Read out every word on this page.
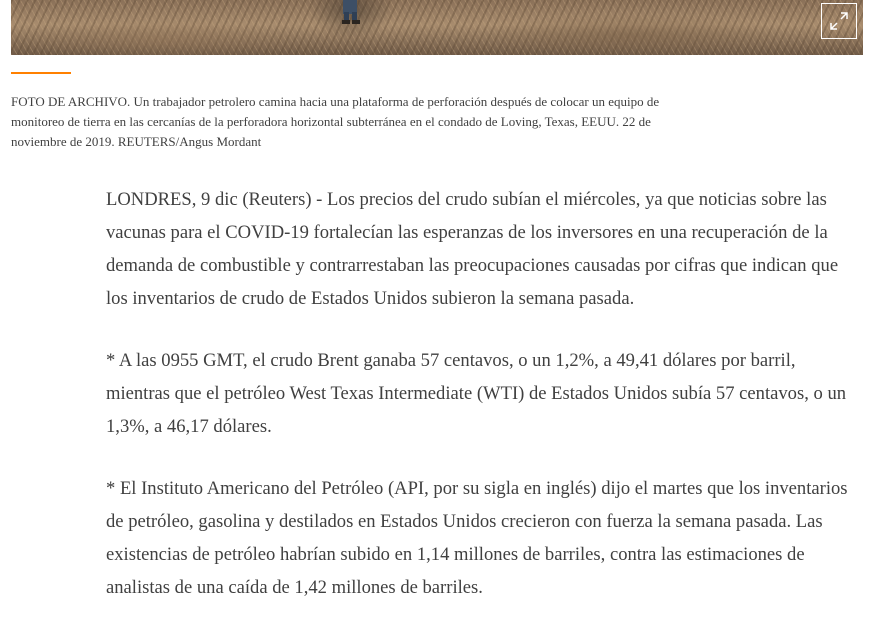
FOTO DE ARCHIVO. Un trabajador petrolero camina hacia una plataforma de perforación después de colocar un equipo de monitoreo de tierra en las cercanías de la perforadora horizontal subterránea en el condado de Loving, Texas, EEUU. 22 de noviembre de 2019. REUTERS/Angus Mordant

LONDRES, 9 dic (Reuters) - Los precios del crudo subían el miércoles, ya que noticias sobre las vacunas para el COVID-19 fortalecían las esperanzas de los inversores en una recuperación de la demanda de combustible y contrarrestaban las preocupaciones causadas por cifras que indican que los inventarios de crudo de Estados Unidos subieron la semana pasada.

* A las 0955 GMT, el crudo Brent ganaba 57 centavos, o un 1,2%, a 49,41 dólares por barril, mientras que el petróleo West Texas Intermediate (WTI) de Estados Unidos subía 57 centavos, o un 1,3%, a 46,17 dólares.

* El Instituto Americano del Petróleo (API, por su sigla en inglés) dijo el martes que los inventarios de petróleo, gasolina y destilados en Estados Unidos crecieron con fuerza la semana pasada. Las existencias de petróleo habrían subido en 1,14 millones de barriles, contra las estimaciones de analistas de una caída de 1,42 millones de barriles.
